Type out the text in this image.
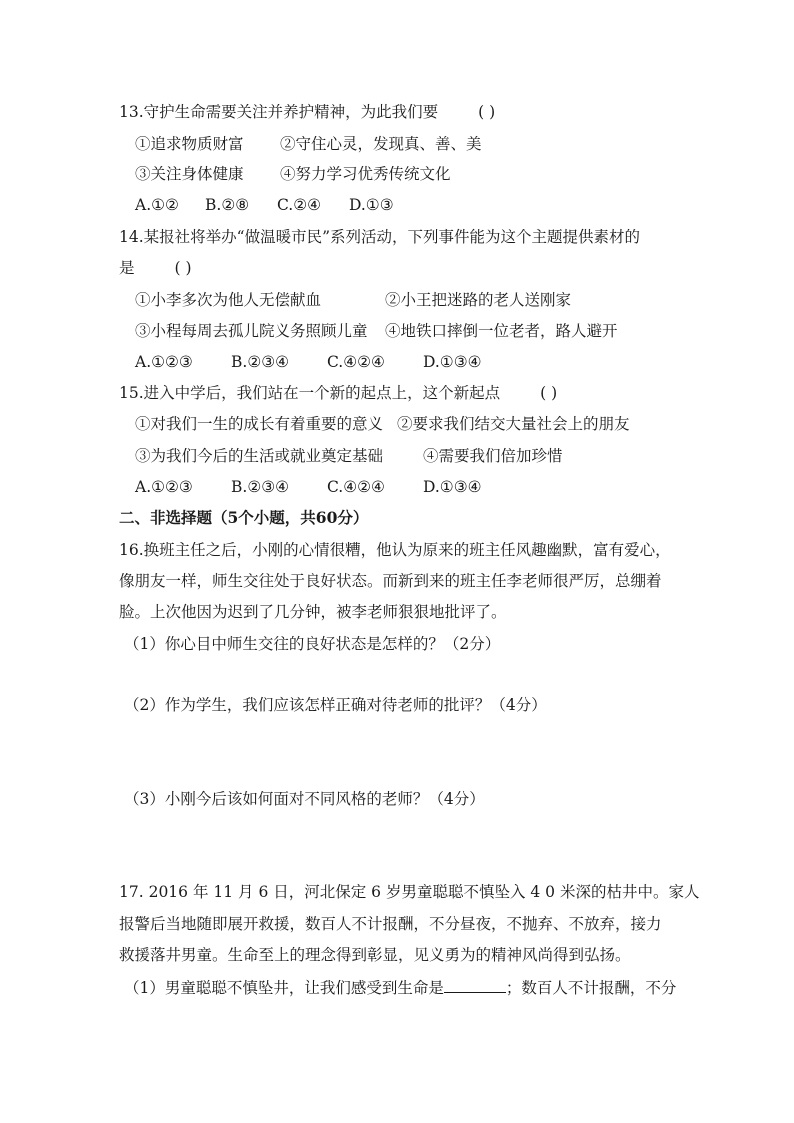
13.守护生命需要关注并养护精神，为此我们要	( )
①追求物质财富 ②守住心灵，发现真、善、美
③关注身体健康 ④努力学习优秀传统文化
A.①② B.②⑧ C.②④ D.①③
14.某报社将举办“做温暖市民”系列活动，下列事件能为这个主题提供素材的
是	( )
①小李多次为他人无偿献血	②小王把迷路的老人送刚家
③小程每周去孤儿院义务照顾儿童 ④地铁口摔倒一位老者，路人避开
A.①②③ B.②③④ C.④②④ D.①③④
15.进入中学后，我们站在一个新的起点上，这个新起点	( )
①对我们一生的成长有着重要的意义 ②要求我们结交大量社会上的朋友
③为我们今后的生活或就业奠定基础	④需要我们倍加珍惜
A.①②③ B.②③④ C.④②④ D.①③④
二、非选择题（5个小题，共60分）
16.换班主任之后，小刚的心情很糟，他认为原来的班主任风趣幽默，富有爱心，
像朋友一样，师生交往处于良好状态。而新到来的班主任李老师很严厉，总绷着
脸。上次他因为迟到了几分钟，被李老师狠狠地批评了。
（1）你心目中师生交往的良好状态是怎样的？（2分）
（2）作为学生，我们应该怎样正确对待老师的批评？（4分）
（3）小刚今后该如何面对不同风格的老师？（4分）
17. 2016 年 11 月 6 日，河北保定 6 岁男童聪聪不慎坠入 4 0 米深的枯井中。家人
报警后当地随即展开救援，数百人不计报酬，不分昼夜，不抛弃、不放弃，接力
救援落井男童。生命至上的理念得到彰显，见义勇为的精神风尚得到弘扬。
（1）男童聪聪不慎坠井，让我们感受到生命是	；数百人不计报酬，不分
